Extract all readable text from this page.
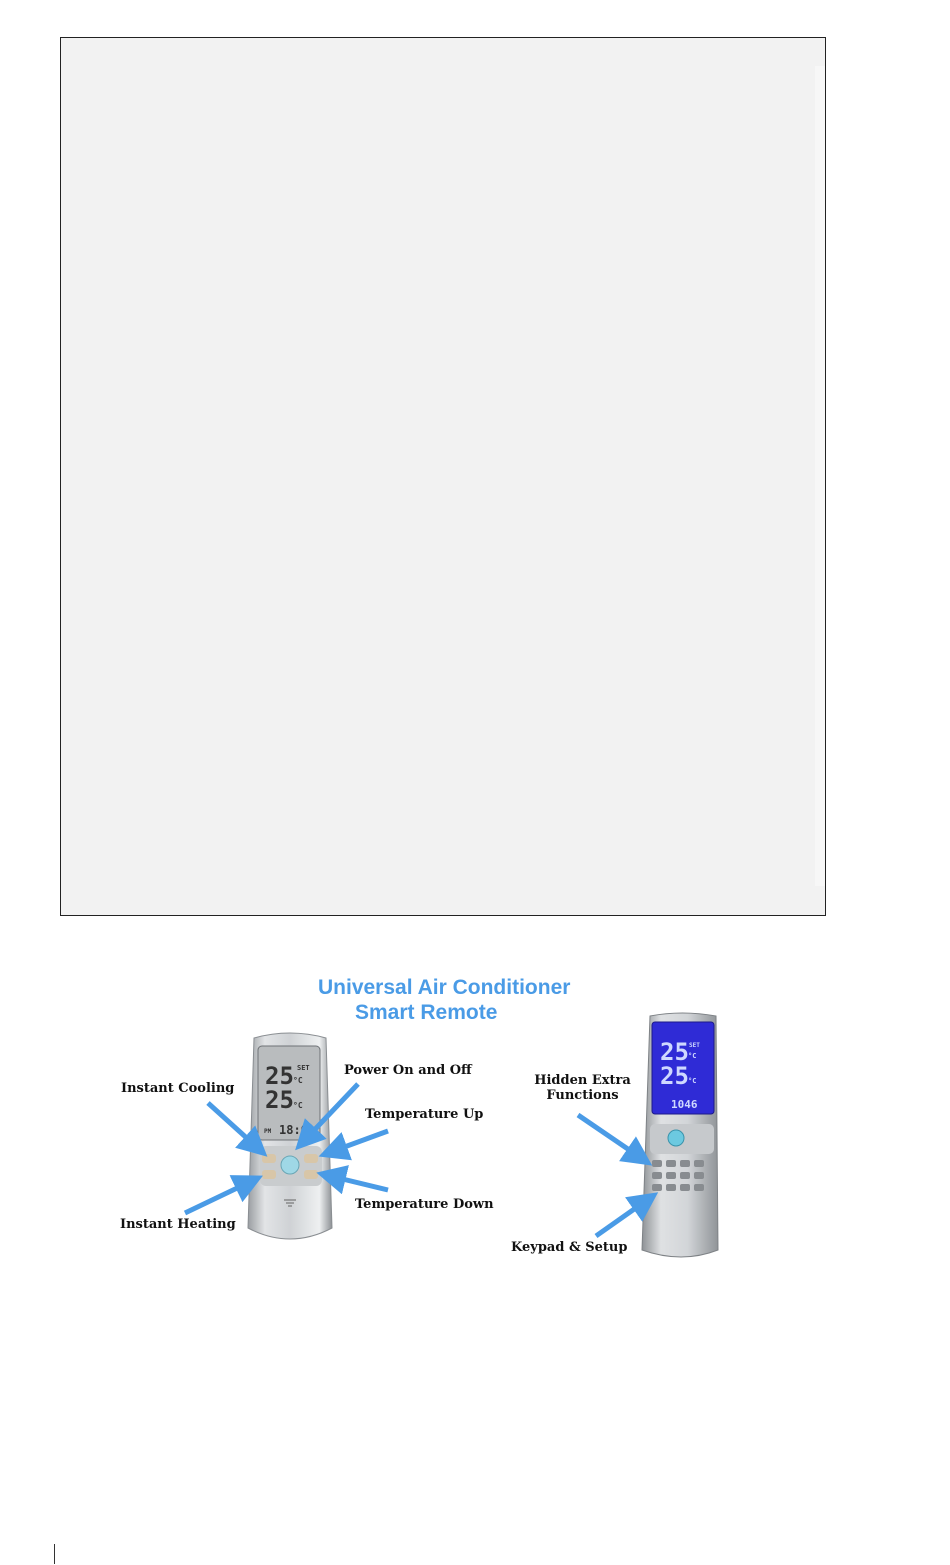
Universal Air Conditioner
Smart Remote
25
25
SET
°C
°C
PM 18:0
25
25
SET
°C
°C
1046
Instant Cooling
Power On and Off
Temperature Up
Instant Heating
Temperature Down
Hidden Extra
Functions
Keypad & Setup
